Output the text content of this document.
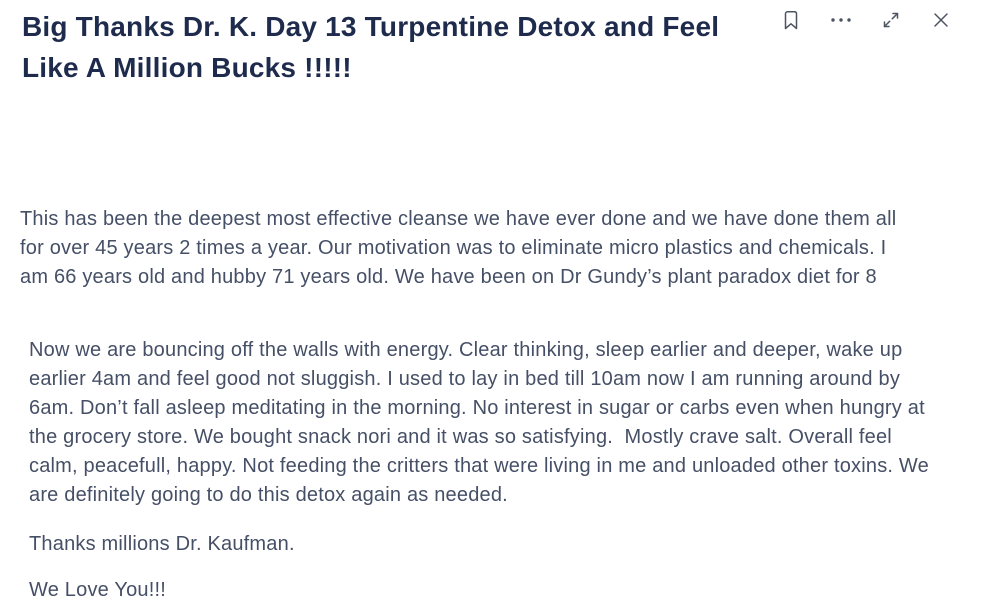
Big Thanks Dr. K. Day 13 Turpentine Detox and Feel Like A Million Bucks !!!!!

This has been the deepest most effective cleanse we have ever done and we have done them all for over 45 years 2 times a year. Our motivation was to eliminate micro plastics and chemicals. I am 66 years old and hubby 71 years old. We have been on Dr Gundy’s plant paradox diet for 8

Now we are bouncing off the walls with energy. Clear thinking, sleep earlier and deeper, wake up earlier 4am and feel good not sluggish. I used to lay in bed till 10am now I am running around by 6am. Don’t fall asleep meditating in the morning. No interest in sugar or carbs even when hungry at the grocery store. We bought snack nori and it was so satisfying.  Mostly crave salt. Overall feel calm, peacefull, happy. Not feeding the critters that were living in me and unloaded other toxins. We are definitely going to do this detox again as needed.

Thanks millions Dr. Kaufman.

We Love You!!!
